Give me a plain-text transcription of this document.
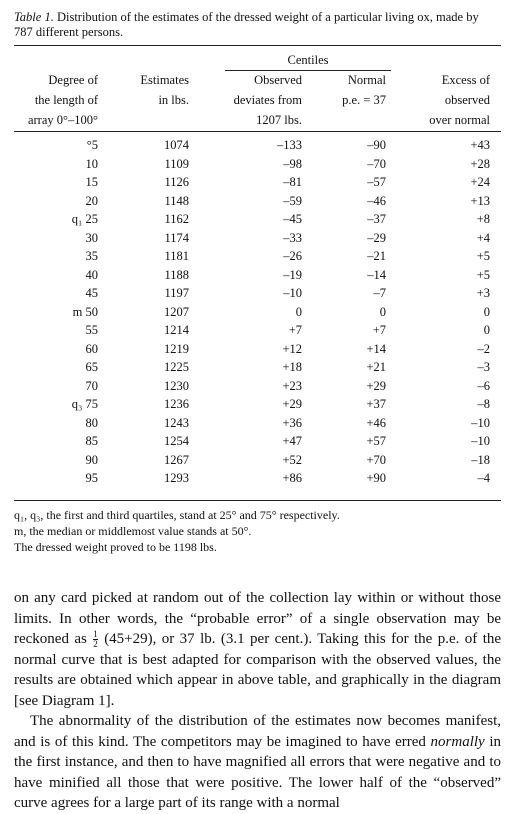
Table 1. Distribution of the estimates of the dressed weight of a particular living ox, made by 787 different persons.
Centiles
Degree of
the length of
array 0°–100°
Estimates
in lbs.
Observed
deviates from
1207 lbs.
Normal
p.e. = 37
Excess of
observed
over normal
°5	1074	–133	–90	+43
10	1109	–98	–70	+28
15	1126	–81	–57	+24
20	1148	–59	–46	+13
q₁ 25	1162	–45	–37	+8
30	1174	–33	–29	+4
35	1181	–26	–21	+5
40	1188	–19	–14	+5
45	1197	–10	–7	+3
m 50	1207	0	0	0
55	1214	+7	+7	0
60	1219	+12	+14	–2
65	1225	+18	+21	–3
70	1230	+23	+29	–6
q₃ 75	1236	+29	+37	–8
80	1243	+36	+46	–10
85	1254	+47	+57	–10
90	1267	+52	+70	–18
95	1293	+86	+90	–4
q₁, q₃, the first and third quartiles, stand at 25° and 75° respectively.
m, the median or middlemost value stands at 50°.
The dressed weight proved to be 1198 lbs.

on any card picked at random out of the collection lay within or without those limits. In other words, the “probable error” of a single observation may be reckoned as $\frac{1}{2} (45+29)$, or 37 lb. (3.1 per cent.). Taking this for the p.e. of the normal curve that is best adapted for comparison with the observed values, the results are obtained which appear in above table, and graphically in the diagram [see Diagram 1].

The abnormality of the distribution of the estimates now becomes manifest, and is of this kind. The competitors may be imagined to have erred normally in the first instance, and then to have magnified all errors that were negative and to have minified all those that were positive. The lower half of the “observed” curve agrees for a large part of its range with a normal
